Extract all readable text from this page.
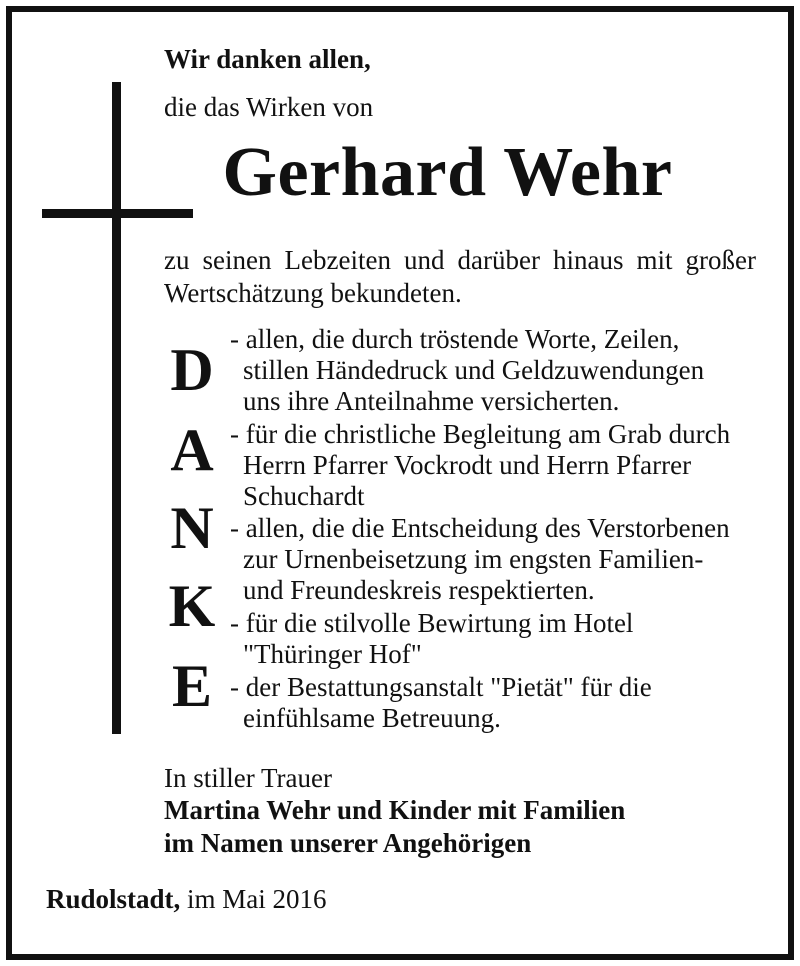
Wir danken allen,
die das Wirken von
Gerhard Wehr
zu seinen Lebzeiten und darüber hinaus mit großer Wertschätzung bekundeten.
D
A
N
K
E
- allen, die durch tröstende Worte, Zeilen,
stillen Händedruck und Geldzuwendungen
uns ihre Anteilnahme versicherten.
- für die christliche Begleitung am Grab durch
Herrn Pfarrer Vockrodt und Herrn Pfarrer
Schuchardt
- allen, die die Entscheidung des Verstorbenen
zur Urnenbeisetzung im engsten Familien-
und Freundeskreis respektierten.
- für die stilvolle Bewirtung im Hotel
"Thüringer Hof"
- der Bestattungsanstalt "Pietät" für die
einfühlsame Betreuung.
In stiller Trauer
Martina Wehr und Kinder mit Familien
im Namen unserer Angehörigen
Rudolstadt, im Mai 2016
